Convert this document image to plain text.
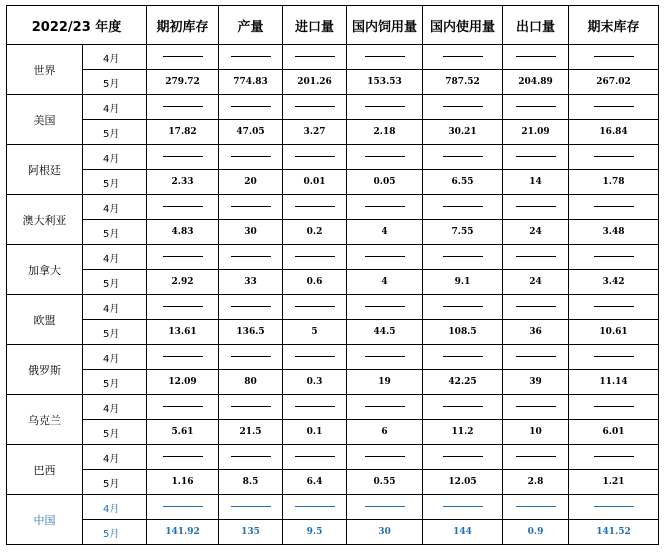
2022/23 年度		期初库存	产量	进口量	国内饲用量	国内使用量	出口量	期末库存
世界	4月							
	5月	279.72	774.83	201.26	153.53	787.52	204.89	267.02
美国	4月							
	5月	17.82	47.05	3.27	2.18	30.21	21.09	16.84
阿根廷	4月							
	5月	2.33	20	0.01	0.05	6.55	14	1.78
澳大利亚	4月							
	5月	4.83	30	0.2	4	7.55	24	3.48
加拿大	4月							
	5月	2.92	33	0.6	4	9.1	24	3.42
欧盟	4月							
	5月	13.61	136.5	5	44.5	108.5	36	10.61
俄罗斯	4月							
	5月	12.09	80	0.3	19	42.25	39	11.14
乌克兰	4月							
	5月	5.61	21.5	0.1	6	11.2	10	6.01
巴西	4月							
	5月	1.16	8.5	6.4	0.55	12.05	2.8	1.21
中国	4月							
	5月	141.92	135	9.5	30	144	0.9	141.52
